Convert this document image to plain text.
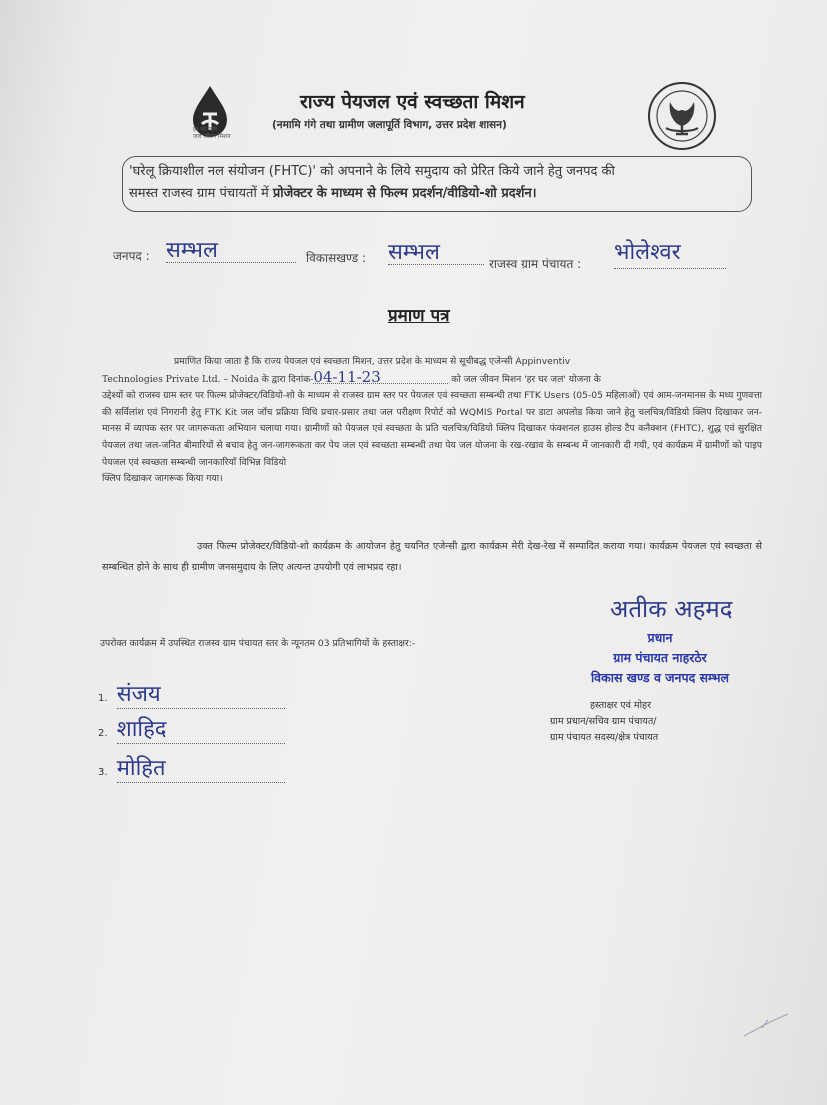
हर घर जल
जल जीवन मिशन
राज्य पेयजल एवं स्वच्छता मिशन
(नमामि गंगे तथा ग्रामीण जलापूर्ति विभाग, उत्तर प्रदेश शासन)
'घरेलू क्रियाशील नल संयोजन (FHTC)' को अपनाने के लिये समुदाय को प्रेरित किये जाने हेतु जनपद की
समस्त राजस्व ग्राम पंचायतों में प्रोजेक्टर के माध्यम से फिल्म प्रदर्शन/वीडियो-शो प्रदर्शन।
जनपद : सम्भल	विकासखण्ड : सम्भल	राजस्व ग्राम पंचायत : भोलेश्वर
प्रमाण पत्र

प्रमाणित किया जाता है कि राज्य पेयजल एवं स्वच्छता मिशन, उत्तर प्रदेश के माध्यम से सूचीबद्ध एजेन्सी Appinventiv

Technologies Private Ltd. – Noida के द्वारा दिनांक-04-11-23	को जल जीवन मिशन 'हर घर जल' योजना के

उद्देश्यों को राजस्व ग्राम स्तर पर फिल्म प्रोजेक्टर/विडियो-शो के माध्यम से राजस्व ग्राम स्तर पर पेयजल एवं स्वच्छता सम्बन्धी तथा FTK Users (05-05 महिलाओं) एवं आम-जनमानस के मध्य गुणवत्ता की सर्विलांश एवं निगरानी हेतु FTK Kit जल जाँच प्रक्रिया विधि प्रचार-प्रसार तथा जल परीक्षण रिपोर्ट को WQMIS Portal पर डाटा अपलोड किया जाने हेतु चलचित्र/विडियो क्लिप दिखाकर जन-मानस में व्यापक स्तर पर जागरूकता अभियान चलाया गया। ग्रामीणों को पेयजल एवं स्वच्छता के प्रति चलचित्र/विडियो क्लिप दिखाकर फंक्शनल हाउस होल्ड टैप कनैक्शन (FHTC), शुद्ध एवं सुरक्षित पेयजल तथा जल-जनित बीमारियों से बचाव हेतु जन-जागरूकता कर पेय जल एवं स्वच्छता सम्बन्धी तथा पेय जल योजना के रख-रखाव के सम्बन्ध में जानकारी दी गयी, एवं कार्यक्रम में ग्रामीणों को पाइप पेयजल एवं स्वच्छता सम्बन्धी जानकारियाँ विभिन्न विडियो

क्लिप दिखाकर जागरूक किया गया।

उक्त फिल्म प्रोजेक्टर/विडियो-शो कार्यक्रम के आयोजन हेतु चयनित एजेन्सी द्वारा कार्यक्रम मेरी देख-रेख में सम्पादित कराया गया। कार्यक्रम पेयजल एवं स्वच्छता से सम्बन्धित होने के साथ ही ग्रामीण जनसमुदाय के लिए अत्यन्त उपयोगी एवं लाभप्रद रहा।
अतीक अहमद
प्रधान
ग्राम पंचायत नाहरठेर
विकास खण्ड व जनपद सम्भल
हस्ताक्षर एवं मोहर
ग्राम प्रधान/सचिव ग्राम पंचायत/
ग्राम पंचायत सदस्य/क्षेत्र पंचायत
उपरोक्त कार्यक्रम में उपस्थित राजस्व ग्राम पंचायत स्तर के न्यूनतम 03 प्रतिभागियों के हस्ताक्षर:-
1. संजय
2. शाहिद
3. मोहित
